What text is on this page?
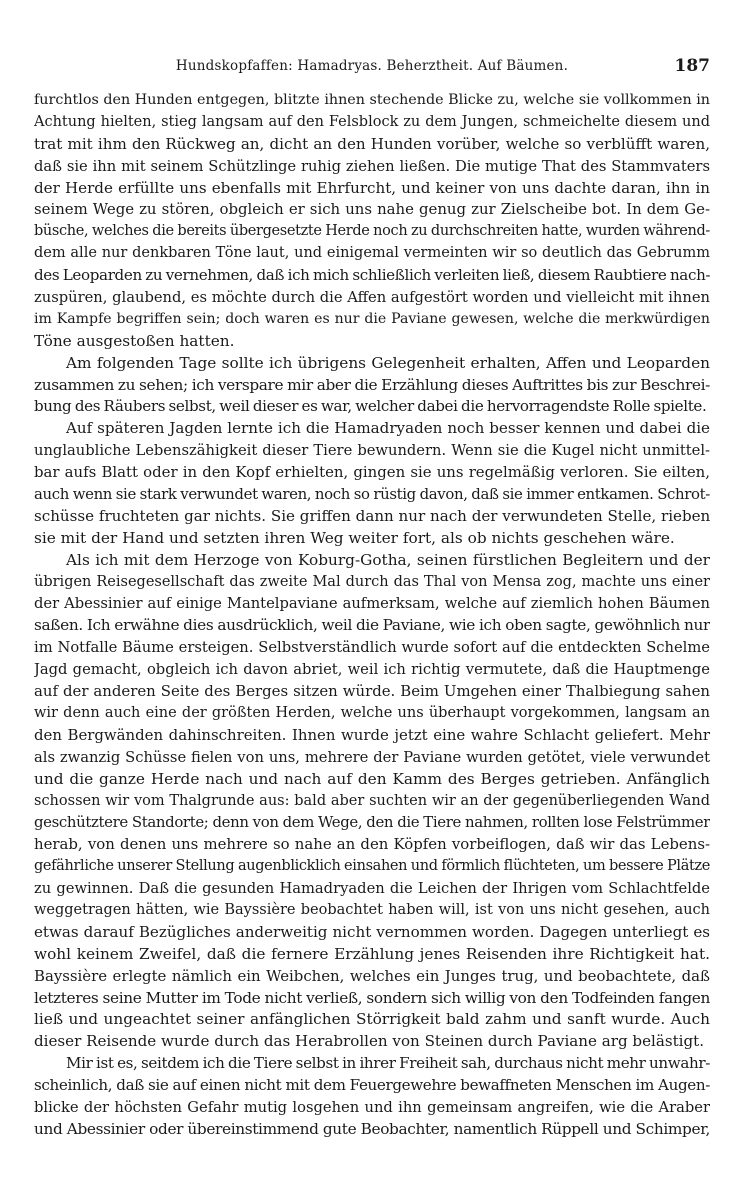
Hundskopfaffen: Hamadryas. Beherztheit. Auf Bäumen.	187
furchtlos den Hunden entgegen, blitzte ihnen stechende Blicke zu, welche sie vollkommen in
Achtung hielten, stieg langsam auf den Felsblock zu dem Jungen, schmeichelte diesem und
trat mit ihm den Rückweg an, dicht an den Hunden vorüber, welche so verblüfft waren,
daß sie ihn mit seinem Schützlinge ruhig ziehen ließen. Die mutige That des Stammvaters
der Herde erfüllte uns ebenfalls mit Ehrfurcht, und keiner von uns dachte daran, ihn in
seinem Wege zu stören, obgleich er sich uns nahe genug zur Zielscheibe bot. In dem Ge-
büsche, welches die bereits übergesetzte Herde noch zu durchschreiten hatte, wurden während-
dem alle nur denkbaren Töne laut, und einigemal vermeinten wir so deutlich das Gebrumm
des Leoparden zu vernehmen, daß ich mich schließlich verleiten ließ, diesem Raubtiere nach-
zuspüren, glaubend, es möchte durch die Affen aufgestört worden und vielleicht mit ihnen
im Kampfe begriffen sein; doch waren es nur die Paviane gewesen, welche die merkwürdigen
Töne ausgestoßen hatten.
Am folgenden Tage sollte ich übrigens Gelegenheit erhalten, Affen und Leoparden
zusammen zu sehen; ich verspare mir aber die Erzählung dieses Auftrittes bis zur Beschrei-
bung des Räubers selbst, weil dieser es war, welcher dabei die hervorragendste Rolle spielte.
Auf späteren Jagden lernte ich die Hamadryaden noch besser kennen und dabei die
unglaubliche Lebenszähigkeit dieser Tiere bewundern. Wenn sie die Kugel nicht unmittel-
bar aufs Blatt oder in den Kopf erhielten, gingen sie uns regelmäßig verloren. Sie eilten,
auch wenn sie stark verwundet waren, noch so rüstig davon, daß sie immer entkamen. Schrot-
schüsse fruchteten gar nichts. Sie griffen dann nur nach der verwundeten Stelle, rieben
sie mit der Hand und setzten ihren Weg weiter fort, als ob nichts geschehen wäre.
Als ich mit dem Herzoge von Koburg-Gotha, seinen fürstlichen Begleitern und der
übrigen Reisegesellschaft das zweite Mal durch das Thal von Mensa zog, machte uns einer
der Abessinier auf einige Mantelpaviane aufmerksam, welche auf ziemlich hohen Bäumen
saßen. Ich erwähne dies ausdrücklich, weil die Paviane, wie ich oben sagte, gewöhnlich nur
im Notfalle Bäume ersteigen. Selbstverständlich wurde sofort auf die entdeckten Schelme
Jagd gemacht, obgleich ich davon abriet, weil ich richtig vermutete, daß die Hauptmenge
auf der anderen Seite des Berges sitzen würde. Beim Umgehen einer Thalbiegung sahen
wir denn auch eine der größten Herden, welche uns überhaupt vorgekommen, langsam an
den Bergwänden dahinschreiten. Ihnen wurde jetzt eine wahre Schlacht geliefert. Mehr
als zwanzig Schüsse fielen von uns, mehrere der Paviane wurden getötet, viele verwundet
und die ganze Herde nach und nach auf den Kamm des Berges getrieben. Anfänglich
schossen wir vom Thalgrunde aus: bald aber suchten wir an der gegenüberliegenden Wand
geschütztere Standorte; denn von dem Wege, den die Tiere nahmen, rollten lose Felstrümmer
herab, von denen uns mehrere so nahe an den Köpfen vorbeiflogen, daß wir das Lebens-
gefährliche unserer Stellung augenblicklich einsahen und förmlich flüchteten, um bessere Plätze
zu gewinnen. Daß die gesunden Hamadryaden die Leichen der Ihrigen vom Schlachtfelde
weggetragen hätten, wie Bayssière beobachtet haben will, ist von uns nicht gesehen, auch
etwas darauf Bezügliches anderweitig nicht vernommen worden. Dagegen unterliegt es
wohl keinem Zweifel, daß die fernere Erzählung jenes Reisenden ihre Richtigkeit hat.
Bayssière erlegte nämlich ein Weibchen, welches ein Junges trug, und beobachtete, daß
letzteres seine Mutter im Tode nicht verließ, sondern sich willig von den Todfeinden fangen
ließ und ungeachtet seiner anfänglichen Störrigkeit bald zahm und sanft wurde. Auch
dieser Reisende wurde durch das Herabrollen von Steinen durch Paviane arg belästigt.
Mir ist es, seitdem ich die Tiere selbst in ihrer Freiheit sah, durchaus nicht mehr unwahr-
scheinlich, daß sie auf einen nicht mit dem Feuergewehre bewaffneten Menschen im Augen-
blicke der höchsten Gefahr mutig losgehen und ihn gemeinsam angreifen, wie die Araber
und Abessinier oder übereinstimmend gute Beobachter, namentlich Rüppell und Schimper,
